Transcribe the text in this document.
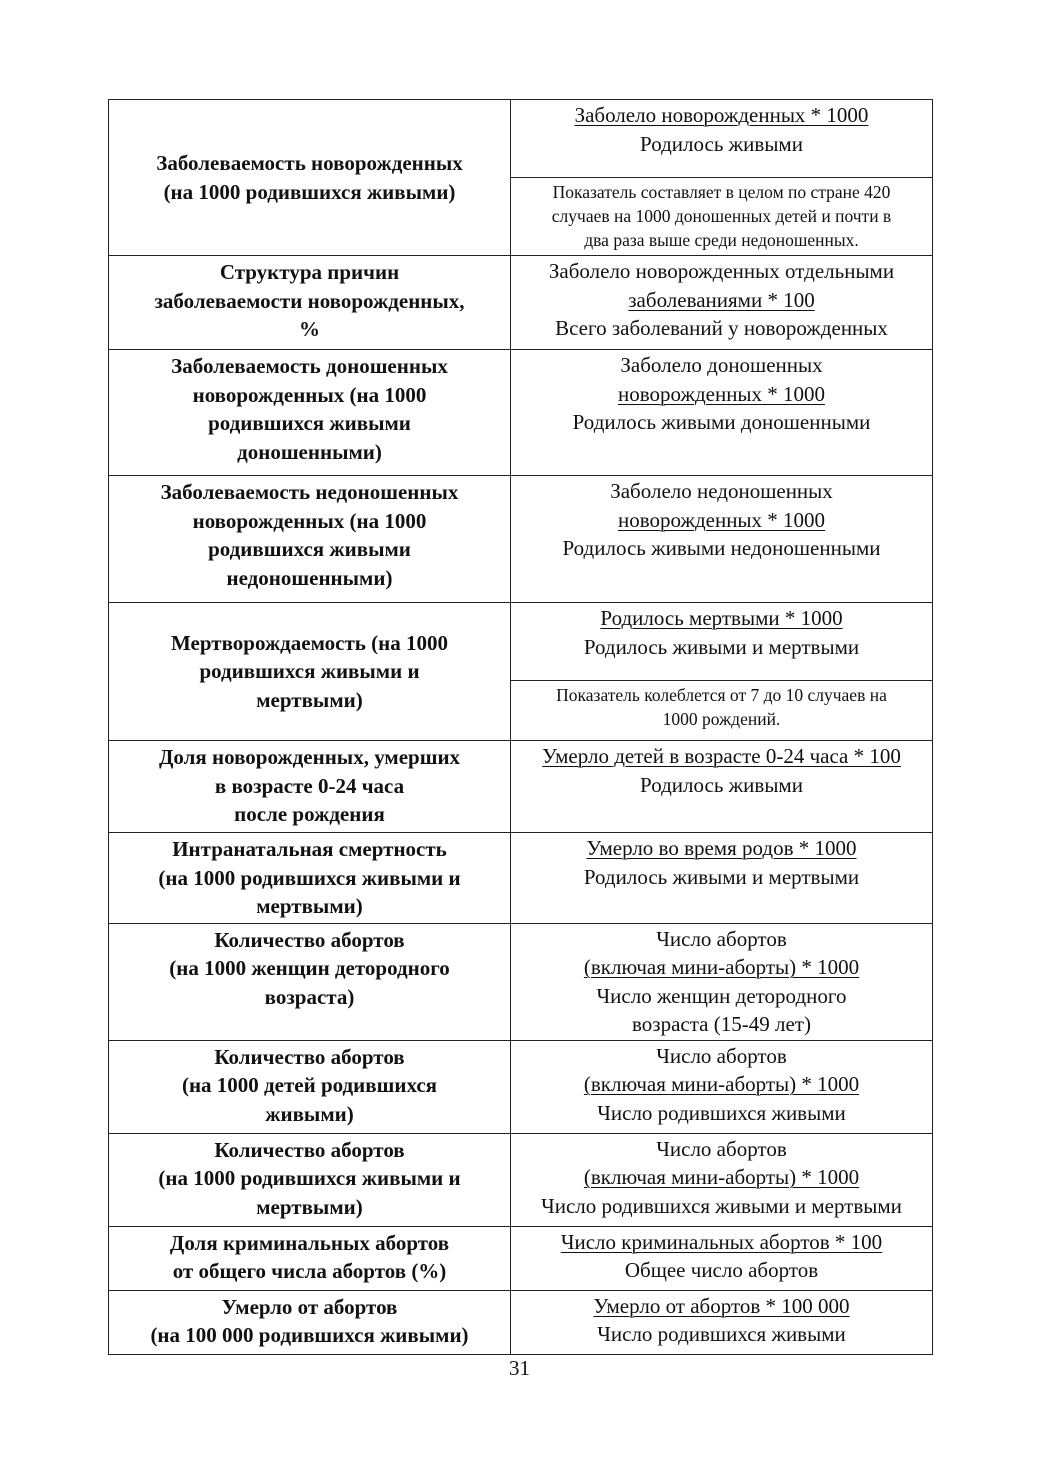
Заболеваемость новорожденных
(на 1000 родившихся живыми)	Заболело новорожденных * 1000
Родилось живыми

	Показатель составляет в целом по стране 420
случаев на 1000 доношенных детей и почти в
два раза выше среди недоношенных.

Структура причин
заболеваемости новорожденных,
%	Заболело новорожденных отдельными
заболеваниями * 100
Всего заболеваний у новорожденных

Заболеваемость доношенных
новорожденных (на 1000
родившихся живыми
доношенными)	Заболело доношенных
новорожденных * 1000
Родилось живыми доношенными

Заболеваемость недоношенных
новорожденных (на 1000
родившихся живыми
недоношенными)	Заболело недоношенных
новорожденных * 1000
Родилось живыми недоношенными

Мертворождаемость (на 1000
родившихся живыми и
мертвыми)	Родилось мертвыми * 1000
Родилось живыми и мертвыми

	Показатель колеблется от 7 до 10 случаев на
1000 рождений.

Доля новорожденных, умерших
в возрасте 0-24 часа
после рождения	Умерло детей в возрасте 0-24 часа * 100
Родилось живыми

Интранатальная смертность
(на 1000 родившихся живыми и
мертвыми)	Умерло во время родов * 1000
Родилось живыми и мертвыми

Количество абортов
(на 1000 женщин детородного
возраста)	Число абортов
(включая мини-аборты) * 1000
Число женщин детородного
возраста (15-49 лет)

Количество абортов
(на 1000 детей родившихся
живыми)	Число абортов
(включая мини-аборты) * 1000
Число родившихся живыми

Количество абортов
(на 1000 родившихся живыми и
мертвыми)	Число абортов
(включая мини-аборты) * 1000
Число родившихся живыми и мертвыми

Доля криминальных абортов
от общего числа абортов (%)	Число криминальных абортов * 100
Общее число абортов

Умерло от абортов
(на 100 000 родившихся живыми)	Умерло от абортов * 100 000
Число родившихся живыми
31
